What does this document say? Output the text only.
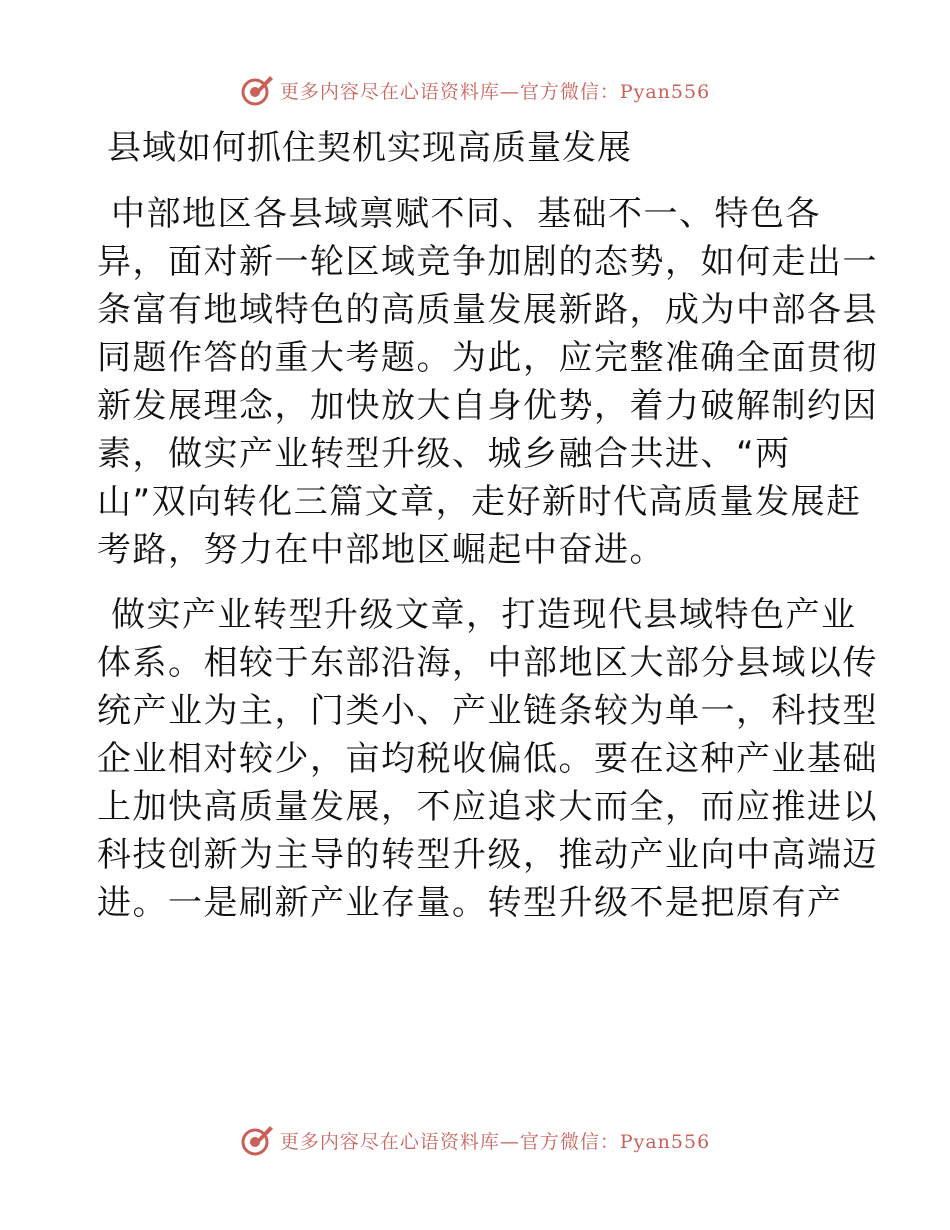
更多内容尽在心语资料库—官方微信：Pyan556
县域如何抓住契机实现高质量发展
中部地区各县域禀赋不同、基础不一、特色各
异，面对新一轮区域竞争加剧的态势，如何走出一
条富有地域特色的高质量发展新路，成为中部各县
同题作答的重大考题。为此，应完整准确全面贯彻
新发展理念，加快放大自身优势，着力破解制约因
素，做实产业转型升级、城乡融合共进、“两
山”双向转化三篇文章，走好新时代高质量发展赶
考路，努力在中部地区崛起中奋进。
做实产业转型升级文章，打造现代县域特色产业
体系。相较于东部沿海，中部地区大部分县域以传
统产业为主，门类小、产业链条较为单一，科技型
企业相对较少，亩均税收偏低。要在这种产业基础
上加快高质量发展，不应追求大而全，而应推进以
科技创新为主导的转型升级，推动产业向中高端迈
进。一是刷新产业存量。转型升级不是把原有产
更多内容尽在心语资料库—官方微信：Pyan556
